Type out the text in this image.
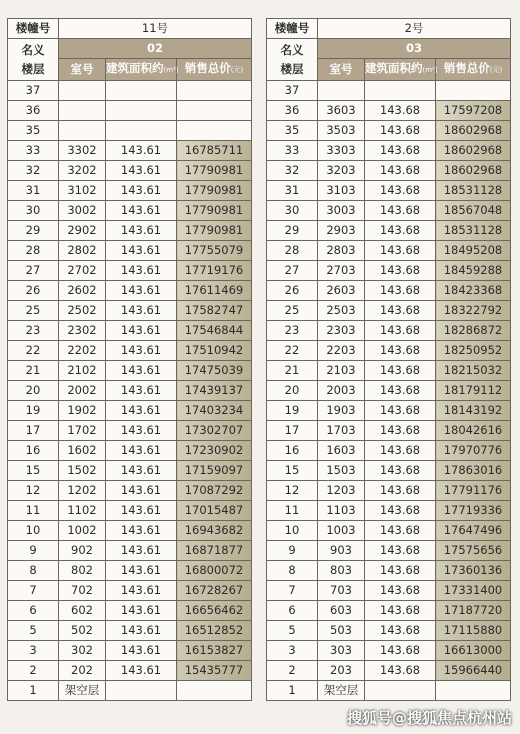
楼幢号	11号		

名义
楼层	02		
	室号	建筑面积约(m²)	销售总价(元)
37			
36			
35			
33	3302	143.61	16785711
32	3202	143.61	17790981
31	3102	143.61	17790981
30	3002	143.61	17790981
29	2902	143.61	17790981
28	2802	143.61	17755079
27	2702	143.61	17719176
26	2602	143.61	17611469
25	2502	143.61	17582747
23	2302	143.61	17546844
22	2202	143.61	17510942
21	2102	143.61	17475039
20	2002	143.61	17439137
19	1902	143.61	17403234
17	1702	143.61	17302707
16	1602	143.61	17230902
15	1502	143.61	17159097
12	1202	143.61	17087292
11	1102	143.61	17015487
10	1002	143.61	16943682
9	902	143.61	16871877
8	802	143.61	16800072
7	702	143.61	16728267
6	602	143.61	16656462
5	502	143.61	16512852
3	302	143.61	16153827
2	202	143.61	15435777
1	架空层		
楼幢号	2号		

名义
楼层	03		
	室号	建筑面积约(m²)	销售总价(元)
37			
36	3603	143.68	17597208
35	3503	143.68	18602968
33	3303	143.68	18602968
32	3203	143.68	18602968
31	3103	143.68	18531128
30	3003	143.68	18567048
29	2903	143.68	18531128
28	2803	143.68	18495208
27	2703	143.68	18459288
26	2603	143.68	18423368
25	2503	143.68	18322792
23	2303	143.68	18286872
22	2203	143.68	18250952
21	2103	143.68	18215032
20	2003	143.68	18179112
19	1903	143.68	18143192
17	1703	143.68	18042616
16	1603	143.68	17970776
15	1503	143.68	17863016
12	1203	143.68	17791176
11	1103	143.68	17719336
10	1003	143.68	17647496
9	903	143.68	17575656
8	803	143.68	17360136
7	703	143.68	17331400
6	603	143.68	17187720
5	503	143.68	17115880
3	303	143.68	16613000
2	203	143.68	15966440
1	架空层		
搜狐号@搜狐焦点杭州站
